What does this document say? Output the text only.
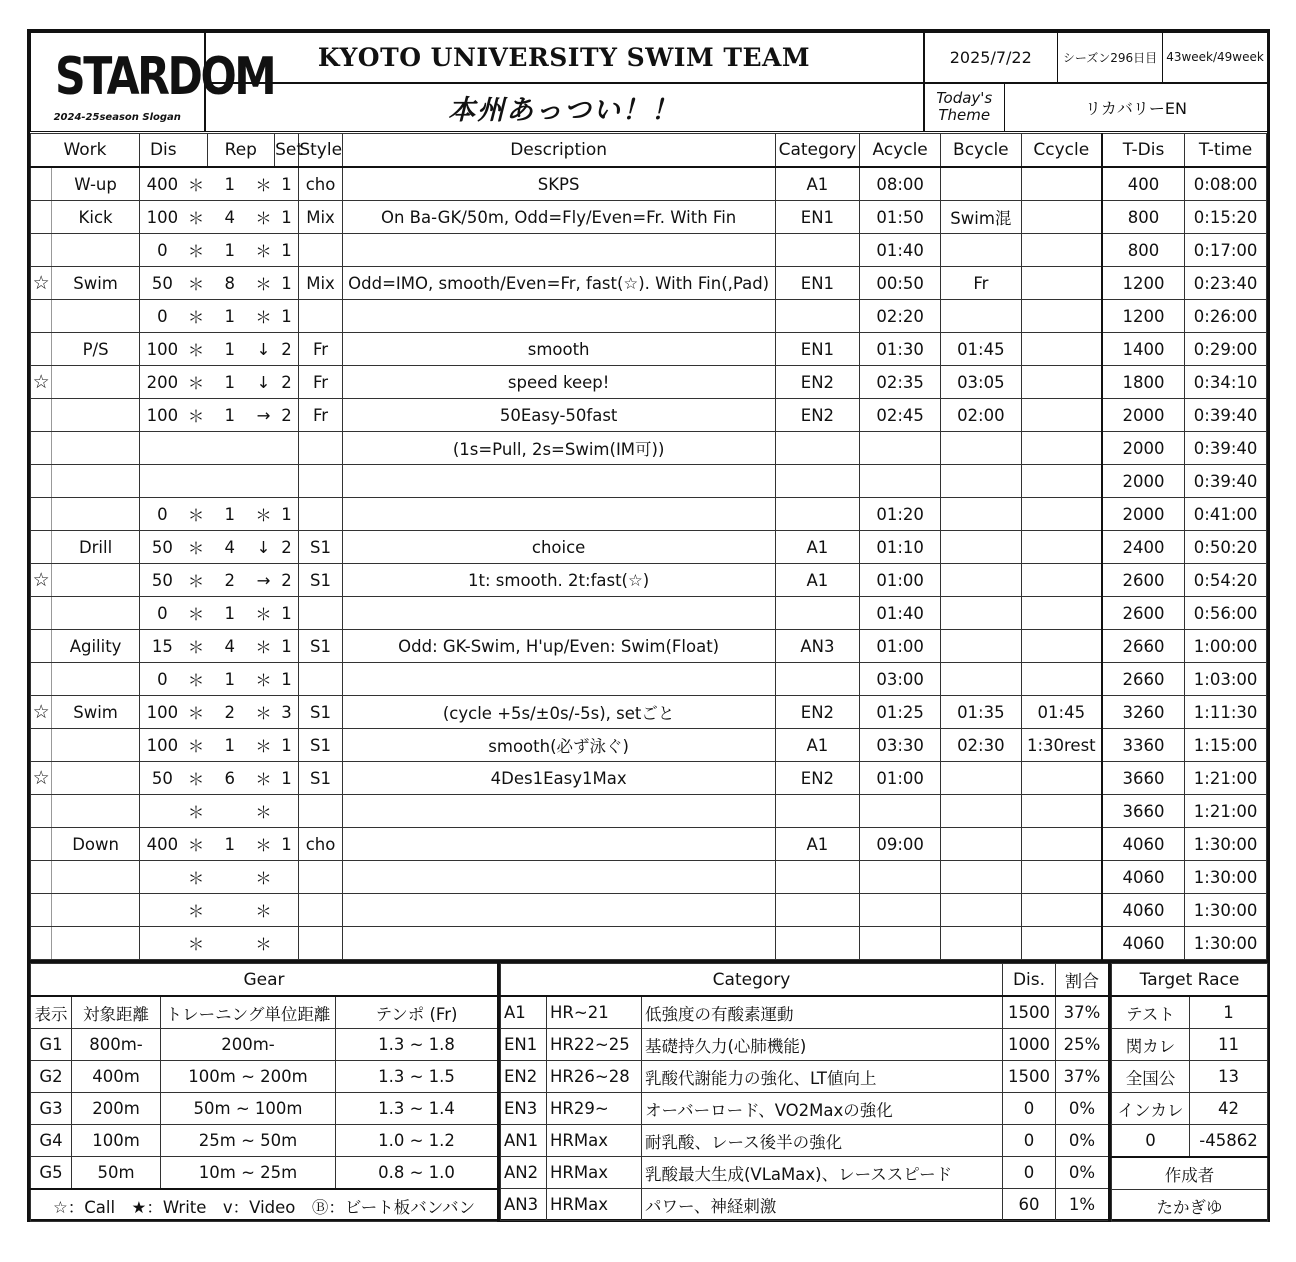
STARDOM
2024-25season Slogan	KYOTO UNIVERSITY SWIM TEAM	2025/7/22		シーズン296日目	43week/49week
	本州あっつい！！	Today's
Theme	リカバリーEN		
Work		Dis		Rep		Set	Style	Description	Category	Acycle	Bcycle	Ccycle	T-Dis	T-time
	W-up	400	＊	1	＊	1	cho	SKPS	A1	08:00			400	0:08:00
	Kick	100	＊	4	＊	1	Mix	On Ba-GK/50m, Odd=Fly/Even=Fr. With Fin	EN1	01:50	Swim混		800	0:15:20
		0	＊	1	＊	1				01:40			800	0:17:00
☆	Swim	50	＊	8	＊	1	Mix	Odd=IMO, smooth/Even=Fr, fast(☆). With Fin(,Pad)	EN1	00:50	Fr		1200	0:23:40
		0	＊	1	＊	1				02:20			1200	0:26:00
	P/S	100	＊	1	↓	2	Fr	smooth	EN1	01:30	01:45		1400	0:29:00
☆		200	＊	1	↓	2	Fr	speed keep!	EN2	02:35	03:05		1800	0:34:10
		100	＊	1	→	2	Fr	50Easy-50fast	EN2	02:45	02:00		2000	0:39:40
								(1s=Pull, 2s=Swim(IM可))					2000	0:39:40
													2000	0:39:40
		0	＊	1	＊	1				01:20			2000	0:41:00
	Drill	50	＊	4	↓	2	S1	choice	A1	01:10			2400	0:50:20
☆		50	＊	2	→	2	S1	1t: smooth. 2t:fast(☆)	A1	01:00			2600	0:54:20
		0	＊	1	＊	1				01:40			2600	0:56:00
	Agility	15	＊	4	＊	1	S1	Odd: GK-Swim, H'up/Even: Swim(Float)	AN3	01:00			2660	1:00:00
		0	＊	1	＊	1				03:00			2660	1:03:00
☆	Swim	100	＊	2	＊	3	S1	(cycle +5s/±0s/-5s), setごと	EN2	01:25	01:35	01:45	3260	1:11:30
		100	＊	1	＊	1	S1	smooth(必ず泳ぐ)	A1	03:30	02:30	1:30rest	3360	1:15:00
☆		50	＊	6	＊	1	S1	4Des1Easy1Max	EN2	01:00			3660	1:21:00
			＊		＊								3660	1:21:00
	Down	400	＊	1	＊	1	cho		A1	09:00			4060	1:30:00
			＊		＊								4060	1:30:00
			＊		＊								4060	1:30:00
			＊		＊								4060	1:30:00
Gear			
表示	対象距離	トレーニング単位距離	テンポ (Fr)
G1	800m-	200m-	1.3 ~ 1.8
G2	400m	100m ~ 200m	1.3 ~ 1.5
G3	200m	50m ~ 100m	1.3 ~ 1.4
G4	100m	25m ~ 50m	1.0 ~ 1.2
G5	50m	10m ~ 25m	0.8 ~ 1.0
☆：Call　★：Write　v：Video　Ⓑ：ビート板バンバン			
Category			Dis.	割合
A1	HR~21	低強度の有酸素運動	1500	37%
EN1	HR22~25	基礎持久力(心肺機能)	1000	25%
EN2	HR26~28	乳酸代謝能力の強化、LT値向上	1500	37%
EN3	HR29~	オーバーロード、VO2Maxの強化	0	0%
AN1	HRMax	耐乳酸、レース後半の強化	0	0%
AN2	HRMax	乳酸最大生成(VLaMax)、レーススピード	0	0%
AN3	HRMax	パワー、神経刺激	60	1%
Target Race	
テスト	1
関カレ	11
全国公	13
インカレ	42
0	-45862
作成者	
たかぎゆ	
